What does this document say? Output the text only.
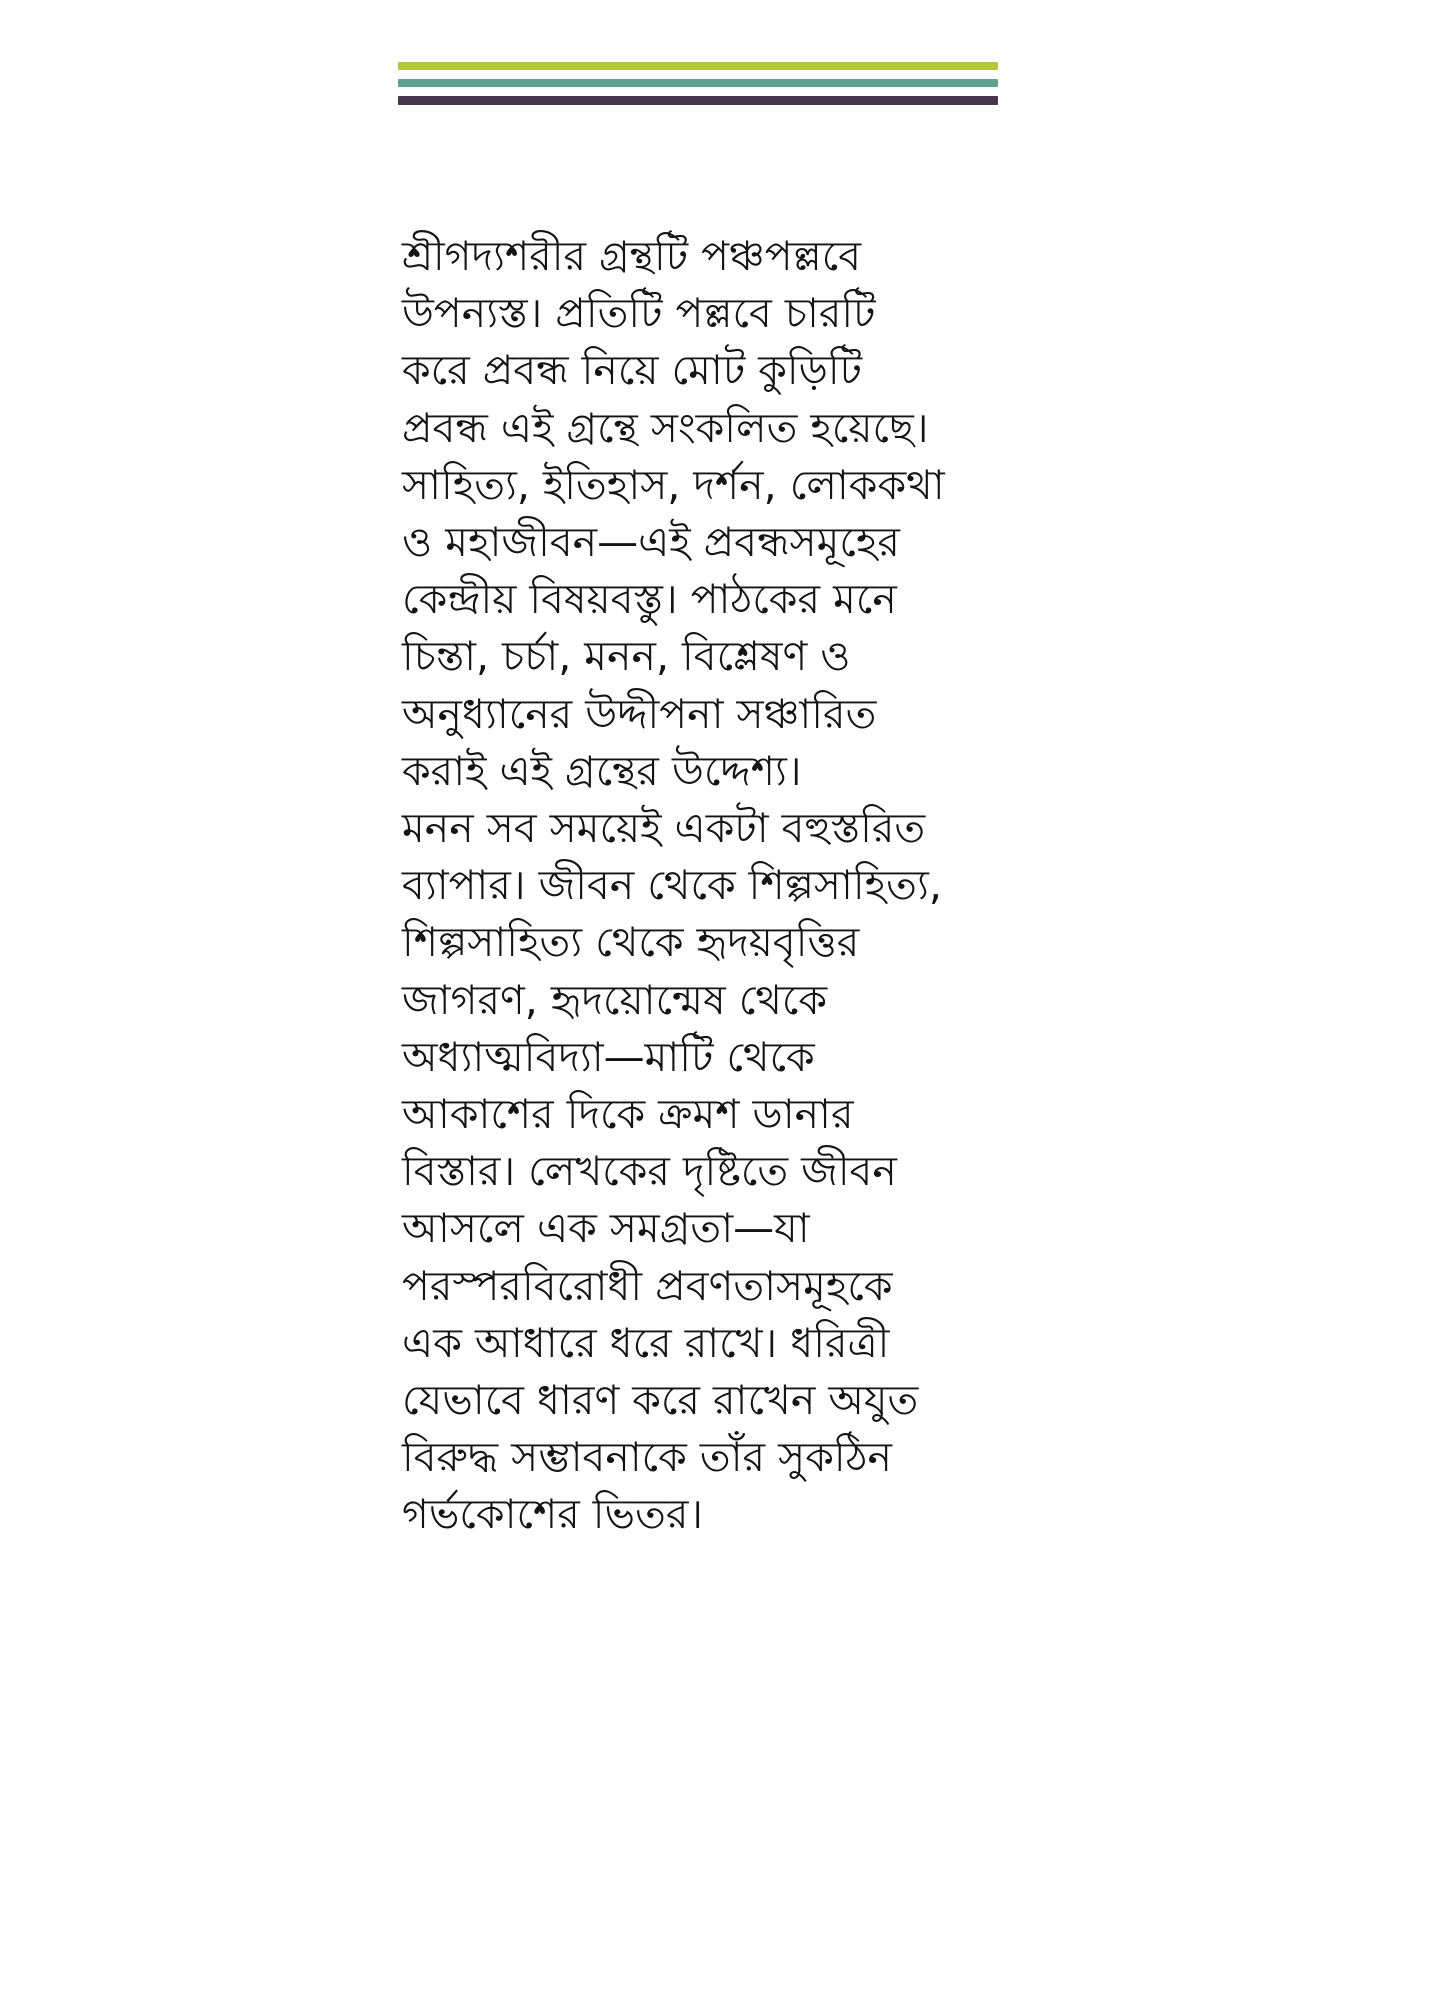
শ্রীগদ্যশরীর গ্রন্থটি পঞ্চপল্লবে
উপন্যস্ত। প্রতিটি পল্লবে চারটি
করে প্রবন্ধ নিয়ে মোট কুড়িটি
প্রবন্ধ এই গ্রন্থে সংকলিত হয়েছে।
সাহিত্য, ইতিহাস, দর্শন, লোককথা
ও মহাজীবন—এই প্রবন্ধসমূহের
কেন্দ্রীয় বিষয়বস্তু। পাঠকের মনে
চিন্তা, চর্চা, মনন, বিশ্লেষণ ও
অনুধ্যানের উদ্দীপনা সঞ্চারিত
করাই এই গ্রন্থের উদ্দেশ্য।
মনন সব সময়েই একটা বহুস্তরিত
ব্যাপার। জীবন থেকে শিল্পসাহিত্য,
শিল্পসাহিত্য থেকে হৃদয়বৃত্তির
জাগরণ, হৃদয়োন্মেষ থেকে
অধ্যাত্মবিদ্যা—মাটি থেকে
আকাশের দিকে ক্রমশ ডানার
বিস্তার। লেখকের দৃষ্টিতে জীবন
আসলে এক সমগ্রতা—যা
পরস্পরবিরোধী প্রবণতাসমূহকে
এক আধারে ধরে রাখে। ধরিত্রী
যেভাবে ধারণ করে রাখেন অযুত
বিরুদ্ধ সম্ভাবনাকে তাঁর সুকঠিন
গর্ভকোশের ভিতর।
